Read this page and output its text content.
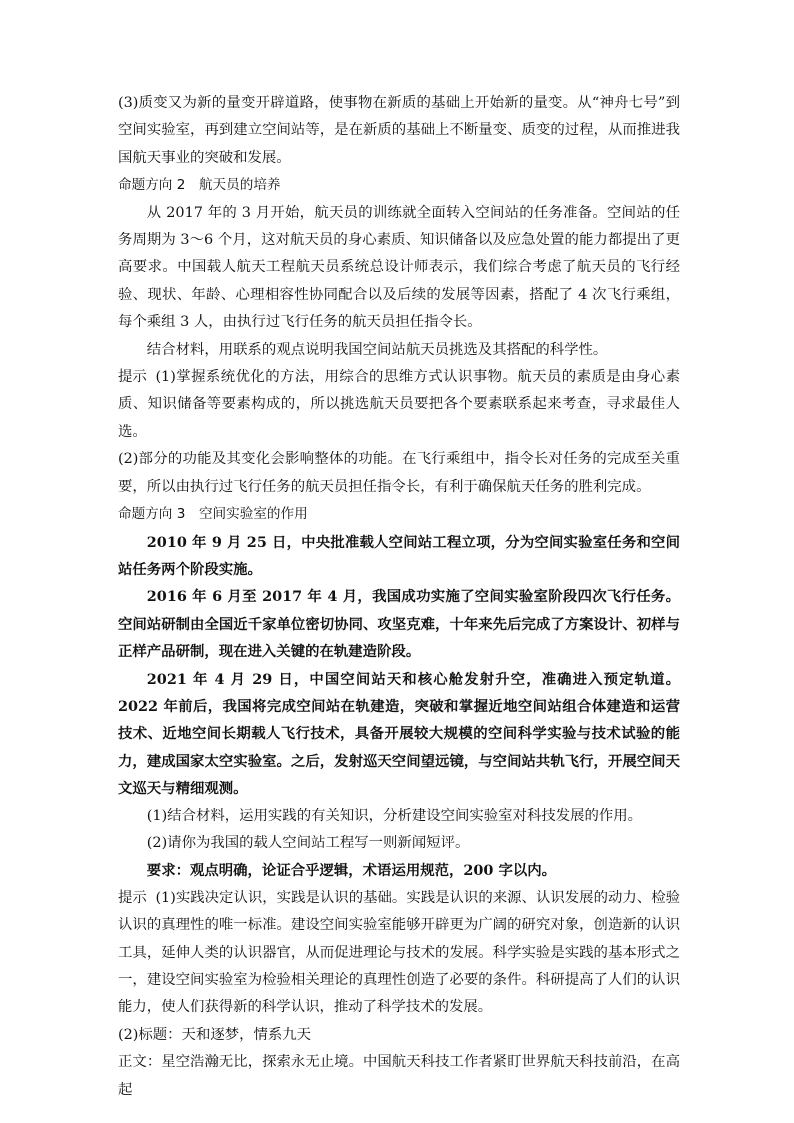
(3)质变又为新的量变开辟道路，使事物在新质的基础上开始新的量变。从“神舟七号”到空间实验室，再到建立空间站等，是在新质的基础上不断量变、质变的过程，从而推进我国航天事业的突破和发展。

命题方向 2　航天员的培养

从 2017 年的 3 月开始，航天员的训练就全面转入空间站的任务准备。空间站的任务周期为 3～6 个月，这对航天员的身心素质、知识储备以及应急处置的能力都提出了更高要求。中国载人航天工程航天员系统总设计师表示，我们综合考虑了航天员的飞行经验、现状、年龄、心理相容性协同配合以及后续的发展等因素，搭配了 4 次飞行乘组，每个乘组 3 人，由执行过飞行任务的航天员担任指令长。

结合材料，用联系的观点说明我国空间站航天员挑选及其搭配的科学性。

提示 (1)掌握系统优化的方法，用综合的思维方式认识事物。航天员的素质是由身心素质、知识储备等要素构成的，所以挑选航天员要把各个要素联系起来考查，寻求最佳人选。

(2)部分的功能及其变化会影响整体的功能。在飞行乘组中，指令长对任务的完成至关重要，所以由执行过飞行任务的航天员担任指令长，有利于确保航天任务的胜利完成。

命题方向 3　空间实验室的作用

2010 年 9 月 25 日，中央批准载人空间站工程立项，分为空间实验室任务和空间站任务两个阶段实施。

2016 年 6 月至 2017 年 4 月，我国成功实施了空间实验室阶段四次飞行任务。空间站研制由全国近千家单位密切协同、攻坚克难，十年来先后完成了方案设计、初样与正样产品研制，现在进入关键的在轨建造阶段。

2021 年 4 月 29 日，中国空间站天和核心舱发射升空，准确进入预定轨道。2022 年前后，我国将完成空间站在轨建造，突破和掌握近地空间站组合体建造和运营技术、近地空间长期载人飞行技术，具备开展较大规模的空间科学实验与技术试验的能力，建成国家太空实验室。之后，发射巡天空间望远镜，与空间站共轨飞行，开展空间天文巡天与精细观测。

(1)结合材料，运用实践的有关知识，分析建设空间实验室对科技发展的作用。

(2)请你为我国的载人空间站工程写一则新闻短评。

要求：观点明确，论证合乎逻辑，术语运用规范，200 字以内。

提示 (1)实践决定认识，实践是认识的基础。实践是认识的来源、认识发展的动力、检验认识的真理性的唯一标准。建设空间实验室能够开辟更为广阔的研究对象，创造新的认识工具，延伸人类的认识器官，从而促进理论与技术的发展。科学实验是实践的基本形式之一，建设空间实验室为检验相关理论的真理性创造了必要的条件。科研提高了人们的认识能力，使人们获得新的科学认识，推动了科学技术的发展。

(2)标题：天和逐梦，情系九天

正文：星空浩瀚无比，探索永无止境。中国航天科技工作者紧盯世界航天科技前沿，在高起
